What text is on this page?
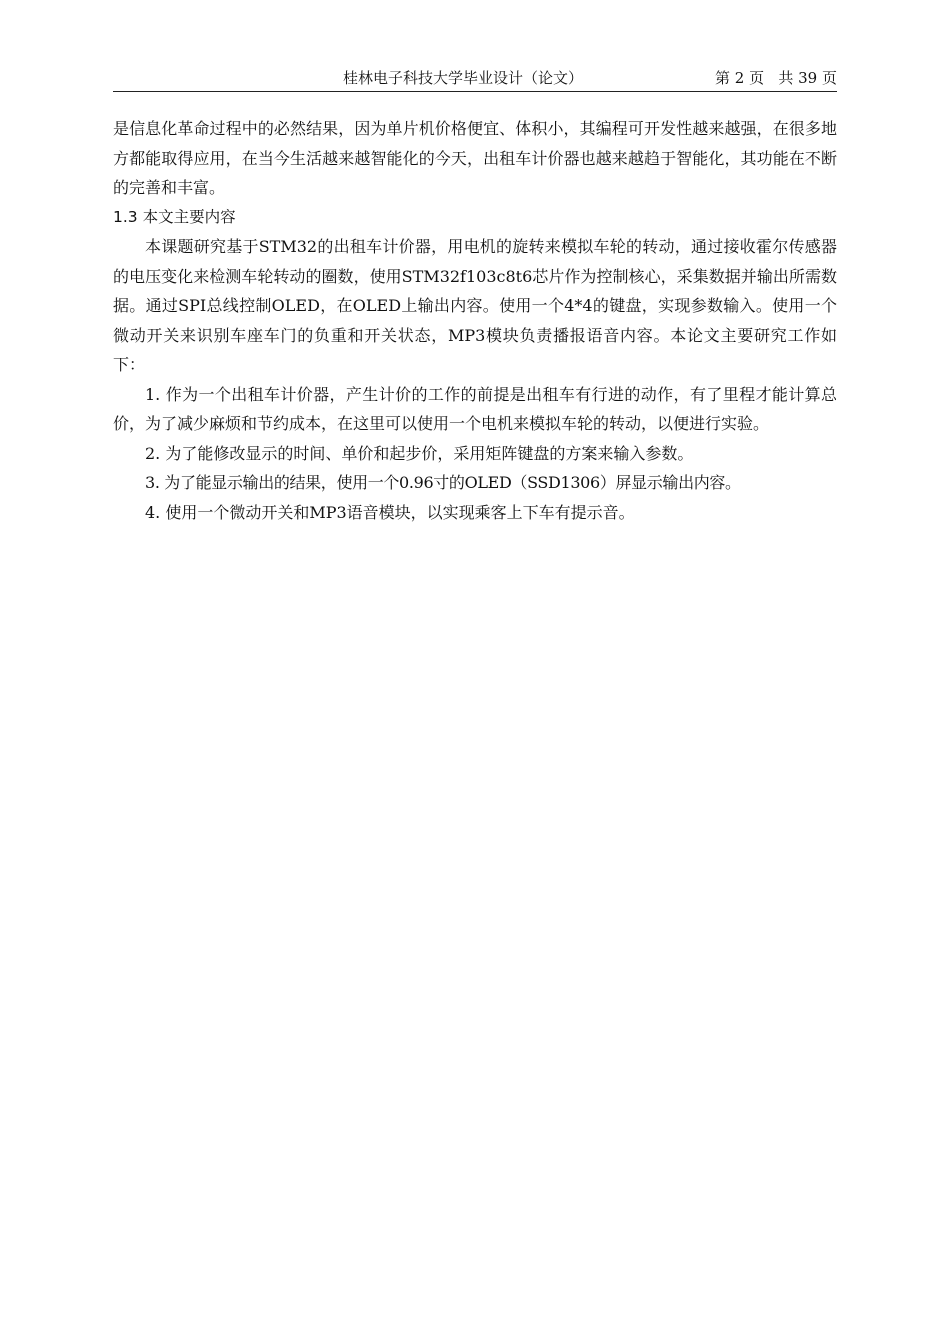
桂林电子科技大学毕业设计（论文）	第 2 页   共 39 页

是信息化革命过程中的必然结果，因为单片机价格便宜、体积小，其编程可开发性越来越强，在很多地方都能取得应用，在当今生活越来越智能化的今天，出租车计价器也越来越趋于智能化，其功能在不断的完善和丰富。

1.3 本文主要内容

本课题研究基于STM32的出租车计价器，用电机的旋转来模拟车轮的转动，通过接收霍尔传感器的电压变化来检测车轮转动的圈数，使用STM32f103c8t6芯片作为控制核心，采集数据并输出所需数据。通过SPI总线控制OLED，在OLED上输出内容。使用一个4*4的键盘，实现参数输入。使用一个微动开关来识别车座车门的负重和开关状态，MP3模块负责播报语音内容。本论文主要研究工作如下：

1. 作为一个出租车计价器，产生计价的工作的前提是出租车有行进的动作，有了里程才能计算总价，为了减少麻烦和节约成本，在这里可以使用一个电机来模拟车轮的转动，以便进行实验。

2. 为了能修改显示的时间、单价和起步价，采用矩阵键盘的方案来输入参数。

3. 为了能显示输出的结果，使用一个0.96寸的OLED（SSD1306）屏显示输出内容。

4. 使用一个微动开关和MP3语音模块，以实现乘客上下车有提示音。
